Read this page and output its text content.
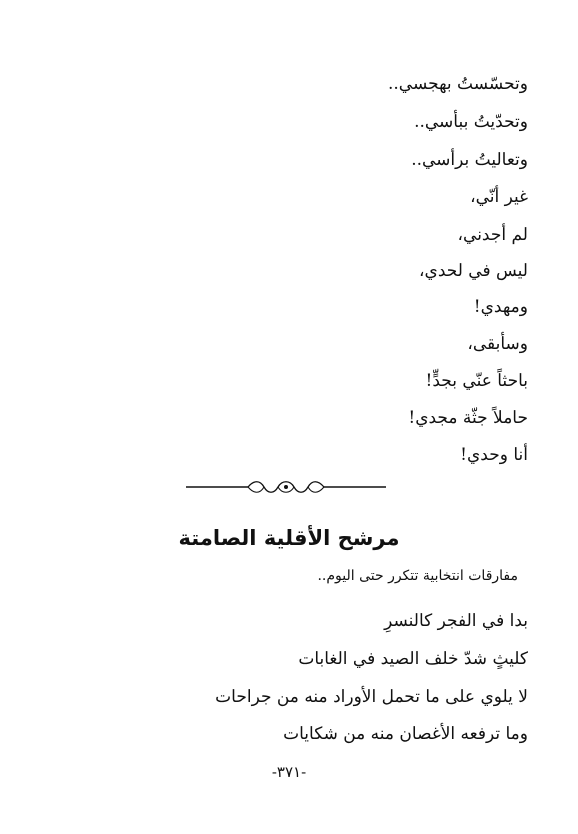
وتحسّستُ بهجسي..
وتحدّيتُ ببأسي..
وتعاليتُ برأسي..
غير أنّي،
لم أجدني،
ليس في لحدي،
ومهدي!
وسأبقى،
باحثاً عنّي بجدٍّ!
حاملاً جثّة مجدي!
أنا وحدي!
مرشح الأقلية الصامتة
مفارقات انتخابية تتكرر حتى اليوم..
بدا في الفجر كالنسرِ
كليثٍ شدّ خلف الصيد في الغابات
لا يلوي على ما تحمل الأوراد منه من جراحات
وما ترفعه الأغصان منه من شكايات
-٣٧١-
